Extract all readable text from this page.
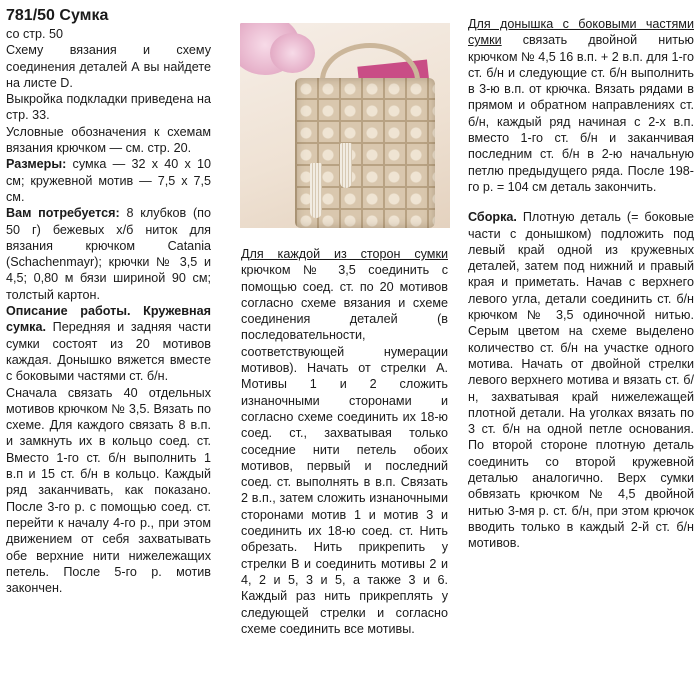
781/50 Сумка

со стр. 50

Схему вязания и схему соединения деталей А вы найдете на листе D.

Выкройка подкладки приведена на стр. 33.

Условные обозначения к схемам вязания крючком — см. стр. 20.

Размеры: сумка — 32 x 40 x 10 см; кружевной мотив — 7,5 x 7,5 см.

Вам потребуется: 8 клубков (по 50 г) бежевых х/б ниток для вязания крючком Catania (Schachenmayr); крючки № 3,5 и 4,5; 0,80 м бязи шириной 90 см; толстый картон.

Описание работы. Кружевная сумка. Передняя и задняя части сумки состоят из 20 мотивов каждая. Донышко вяжется вместе с боковыми частями ст. б/н.

Сначала связать 40 отдельных мотивов крючком № 3,5. Вязать по схеме. Для каждого связать 8 в.п. и замкнуть их в кольцо соед. ст. Вместо 1-го ст. б/н выполнить 1 в.п и 15 ст. б/н в кольцо. Каждый ряд заканчивать, как показано. После 3-го р. с помощью соед. ст. перейти к началу 4-го р., при этом движением от себя захватывать обе верхние нити нижележащих петель. После 5-го р. мотив закончен.

Для каждой из сторон сумки крючком № 3,5 соединить с помощью соед. ст. по 20 мотивов согласно схеме вязания и схеме соединения деталей (в последовательности, соответствующей нумерации мотивов). Начать от стрелки А. Мотивы 1 и 2 сложить изнаночными сторонами и согласно схеме соединить их 18-ю соед. ст., захватывая только соседние нити петель обоих мотивов, первый и последний соед. ст. выполнять в в.п. Связать 2 в.п., затем сложить изнаночными сторонами мотив 1 и мотив 3 и соединить их 18-ю соед. ст. Нить обрезать. Нить прикрепить у стрелки В и соединить мотивы 2 и 4, 2 и 5, 3 и 5, а также 3 и 6. Каждый раз нить прикреплять у следующей стрелки и согласно схеме соединить все мотивы.

Для донышка с боковыми частями сумки связать двойной нитью крючком № 4,5 16 в.п. + 2 в.п. для 1-го ст. б/н и следующие ст. б/н выполнить в 3-ю в.п. от крючка. Вязать рядами в прямом и обратном направлениях ст. б/н, каждый ряд начиная с 2-х в.п. вместо 1-го ст. б/н и заканчивая последним ст. б/н в 2-ю начальную петлю предыдущего ряда. После 198-го р. = 104 см деталь закончить.

Сборка. Плотную деталь (= боковые части с донышком) подложить под левый край одной из кружевных деталей, затем под нижний и правый края и приметать. Начав с верхнего левого угла, детали соединить ст. б/н крючком № 3,5 одиночной нитью. Серым цветом на схеме выделено количество ст. б/н на участке одного мотива. Начать от двойной стрелки левого верхнего мотива и вязать ст. б/н, захватывая край нижележащей плотной детали. На уголках вязать по 3 ст. б/н на одной петле основания. По второй стороне плотную деталь соединить со второй кружевной деталью аналогично. Верх сумки обвязать крючком № 4,5 двойной нитью 3-мя р. ст. б/н, при этом крючок вводить только в каждый 2-й ст. б/н мотивов.
